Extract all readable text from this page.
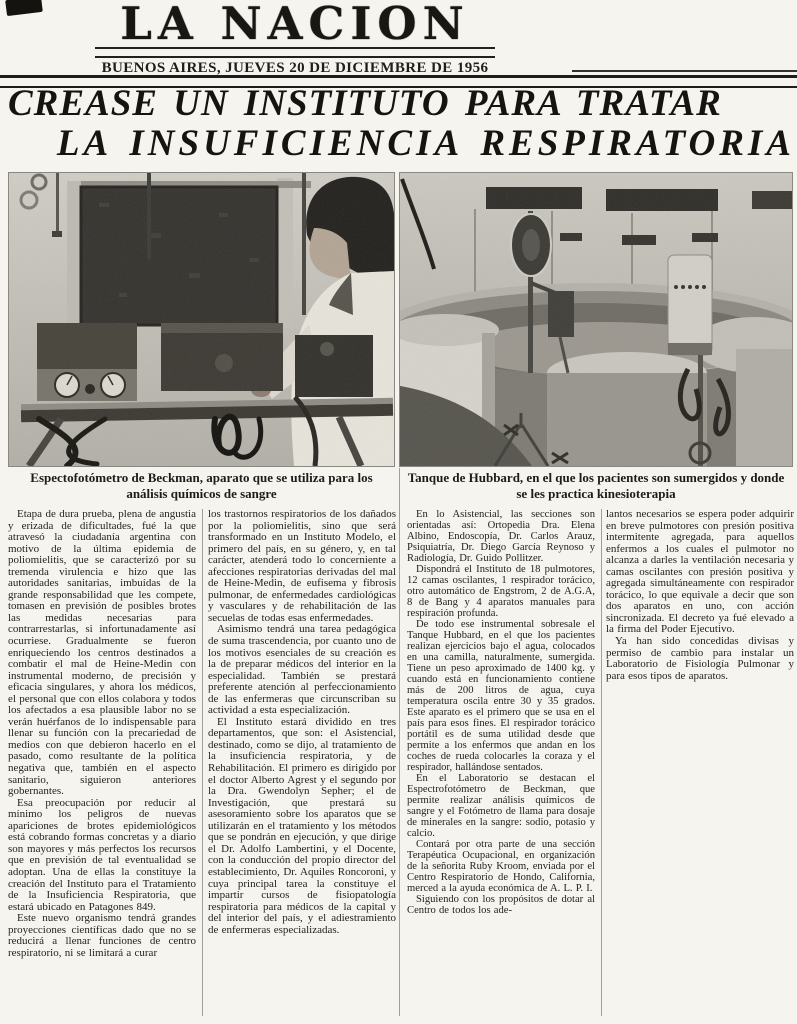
LA NACION
BUENOS AIRES, JUEVES 20 DE DICIEMBRE DE 1956
CREASE UN INSTITUTO PARA TRATAR
LA INSUFICIENCIA RESPIRATORIA
Espectofotómetro de Beckman, aparato que se utiliza para los análisis químicos de sangre
Tanque de Hubbard, en el que los pacientes son sumergidos y donde se les practica kinesioterapia

Etapa de dura prueba, plena de angustia y erizada de dificultades, fué la que atravesó la ciudadanía argentina con motivo de la última epidemia de poliomielitis, que se caracterizó por su tremenda virulencia e hizo que las autoridades sanitarias, imbuídas de la grande responsabilidad que les compete, tomasen en previsión de posibles brotes las medidas necesarias para contrarrestarlas, si infortunadamente así ocurriese. Gradualmente se fueron enriqueciendo los centros destinados a combatir el mal de Heine-Medin con instrumental moderno, de precisión y eficacia singulares, y ahora los médicos, el personal que con ellos colabora y todos los afectados a esa plausible labor no se verán huérfanos de lo indispensable para llenar su función con la precariedad de medios con que debieron hacerlo en el pasado, como resultante de la política negativa que, también en el aspecto sanitario, siguieron anteriores gobernantes.

Esa preocupación por reducir al mínimo los peligros de nuevas apariciones de brotes epidemiológicos está cobrando formas concretas y a diario son mayores y más perfectos los recursos que en previsión de tal eventualidad se adoptan. Una de ellas la constituye la creación del Instituto para el Tratamiento de la Insuficiencia Respiratoria, que estará ubicado en Patagones 849.

Este nuevo organismo tendrá grandes proyecciones científicas dado que no se reducirá a llenar funciones de centro respiratorio, ni se limitará a curar

los trastornos respiratorios de los dañados por la poliomielitis, sino que será transformado en un Instituto Modelo, el primero del país, en su género, y, en tal carácter, atenderá todo lo concerniente a afecciones respiratorias derivadas del mal de Heine-Medin, de eufisema y fibrosis pulmonar, de enfermedades cardiológicas y vasculares y de rehabilitación de las secuelas de todas esas enfermedades.

Asimismo tendrá una tarea pedagógica de suma trascendencia, por cuanto uno de los motivos esenciales de su creación es la de preparar médicos del interior en la especialidad. También se prestará preferente atención al perfeccionamiento de las enfermeras que circunscriban su actividad a esta especialización.

El Instituto estará dividido en tres departamentos, que son: el Asistencial, destinado, como se dijo, al tratamiento de la insuficiencia respiratoria, y de Rehabilitación. El primero es dirigido por el doctor Alberto Agrest y el segundo por la Dra. Gwendolyn Sepher; el de Investigación, que prestará su asesoramiento sobre los aparatos que se utilizarán en el tratamiento y los métodos que se pondrán en ejecución, y que dirige el Dr. Adolfo Lambertini, y el Docente, con la conducción del propio director del establecimiento, Dr. Aquiles Roncoroni, y cuya principal tarea la constituye el impartir cursos de fisiopatología respiratoria para médicos de la capital y del interior del país, y el adiestramiento de enfermeras especializadas.

En lo Asistencial, las secciones son orientadas así: Ortopedia Dra. Elena Albino, Endoscopía, Dr. Carlos Arauz, Psiquiatría, Dr. Diego García Reynoso y Radiología, Dr. Guido Pollitzer.

Dispondrá el Instituto de 18 pulmotores, 12 camas oscilantes, 1 respirador torácico, otro automático de Engstrom, 2 de A.G.A, 8 de Bang y 4 aparatos manuales para respiración profunda.

De todo ese instrumental sobresale el Tanque Hubbard, en el que los pacientes realizan ejercicios bajo el agua, colocados en una camilla, naturalmente, sumergida. Tiene un peso aproximado de 1400 kg. y cuando está en funcionamiento contiene más de 200 litros de agua, cuya temperatura oscila entre 30 y 35 grados. Este aparato es el primero que se usa en el país para esos fines. El respirador torácico portátil es de suma utilidad desde que permite a los enfermos que andan en los coches de rueda colocarles la coraza y el respirador, hallándose sentados.

En el Laboratorio se destacan el Espectrofotómetro de Beckman, que permite realizar análisis químicos de sangre y el Fotómetro de llama para dosaje de minerales en la sangre: sodio, potasio y calcio.

Contará por otra parte de una sección Terapéutica Ocupacional, en organización de la señorita Ruby Kroom, enviada por el Centro Respiratorio de Hondo, California, merced a la ayuda económica de A. L. P. I.

Siguiendo con los propósitos de dotar al Centro de todos los ade-

lantos necesarios se espera poder adquirir en breve pulmotores con presión positiva intermitente agregada, para aquellos enfermos a los cuales el pulmotor no alcanza a darles la ventilación necesaria y camas oscilantes con presión positiva y agregada simultáneamente con respirador torácico, lo que equivale a decir que son dos aparatos en uno, con acción sincronizada. El decreto ya fué elevado a la firma del Poder Ejecutivo.

Ya han sido concedidas divisas y permiso de cambio para instalar un Laboratorio de Fisiología Pulmonar y para esos tipos de aparatos.
